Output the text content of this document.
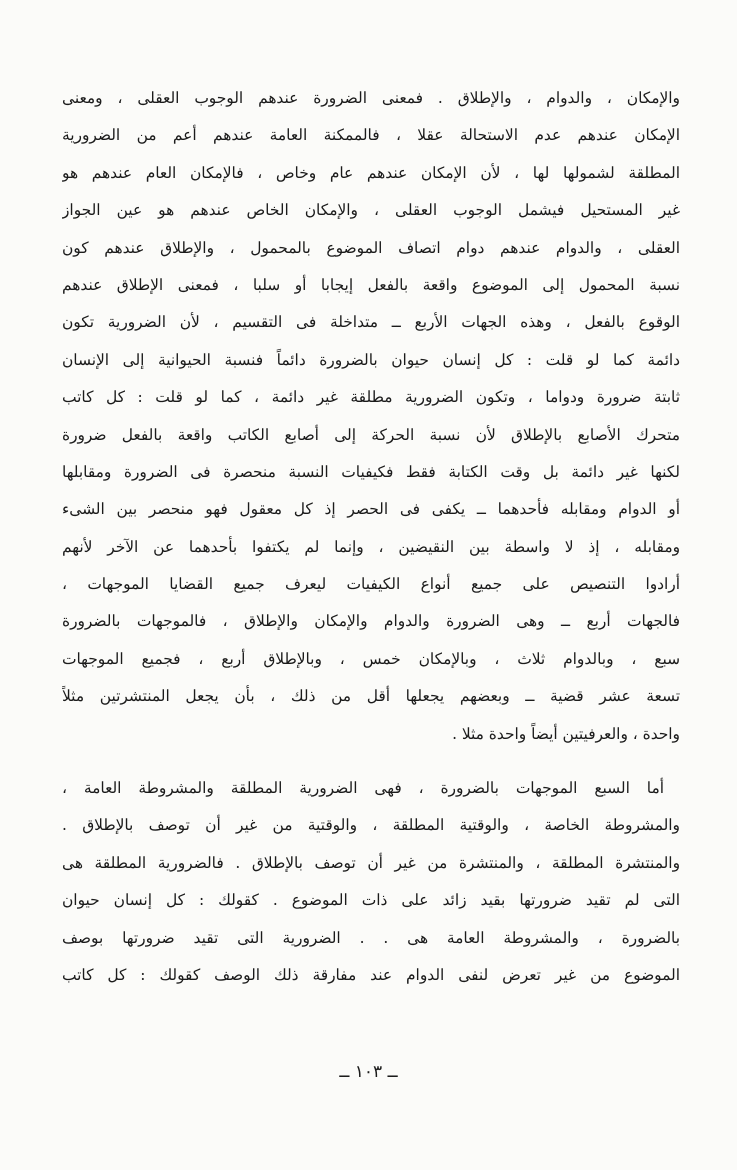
والإمكان ، والدوام ، والإطلاق . فمعنى الضرورة عندهم الوجوب العقلى ، ومعنى
الإمكان عندهم عدم الاستحالة عقلا ، فالممكنة العامة عندهم أعم من الضرورية
المطلقة لشمولها لها ، لأن الإمكان عندهم عام وخاص ، فالإمكان العام عندهم هو
غير المستحيل فيشمل الوجوب العقلى ، والإمكان الخاص عندهم هو عين الجواز
العقلى ، والدوام عندهم دوام اتصاف الموضوع بالمحمول ، والإطلاق عندهم كون
نسبة المحمول إلى الموضوع واقعة بالفعل إيجابا أو سلبا ، فمعنى الإطلاق عندهم
الوقوع بالفعل ، وهذه الجهات الأربع ــ متداخلة فى التقسيم ، لأن الضرورية تكون
دائمة كما لو قلت : كل إنسان حيوان بالضرورة دائماً فنسبة الحيوانية إلى الإنسان
ثابتة ضرورة ودواما ، وتكون الضرورية مطلقة غير دائمة ، كما لو قلت : كل كاتب
متحرك الأصابع بالإطلاق لأن نسبة الحركة إلى أصابع الكاتب واقعة بالفعل ضرورة
لكنها غير دائمة بل وقت الكتابة فقط فكيفيات النسبة منحصرة فى الضرورة ومقابلها
أو الدوام ومقابله فأحدهما ــ يكفى فى الحصر إذ كل معقول فهو منحصر بين الشىء
ومقابله ، إذ لا واسطة بين النقيضين ، وإنما لم يكتفوا بأحدهما عن الآخر لأنهم
أرادوا التنصيص على جميع أنواع الكيفيات ليعرف جميع القضايا الموجهات ،
فالجهات أربع ــ وهى الضرورة والدوام والإمكان والإطلاق ، فالموجهات بالضرورة
سبع ، وبالدوام ثلاث ، وبالإمكان خمس ، وبالإطلاق أربع ، فجميع الموجهات
تسعة عشر قضية ــ وبعضهم يجعلها أقل من ذلك ، بأن يجعل المنتشرتين مثلاً
واحدة ، والعرفيتين أيضاً واحدة مثلا .
أما السبع الموجهات بالضرورة ، فهى الضرورية المطلقة والمشروطة العامة ،
والمشروطة الخاصة ، والوقتية المطلقة ، والوقتية من غير أن توصف بالإطلاق .
والمنتشرة المطلقة ، والمنتشرة من غير أن توصف بالإطلاق . فالضرورية المطلقة هى
التى لم تقيد ضرورتها بقيد زائد على ذات الموضوع . كقولك : كل إنسان حيوان
بالضرورة ، والمشروطة العامة هى . . الضرورية التى تقيد ضرورتها بوصف
الموضوع من غير تعرض لنفى الدوام عند مفارقة ذلك الوصف كقولك : كل كاتب
ــ ١٠٣ ــ
